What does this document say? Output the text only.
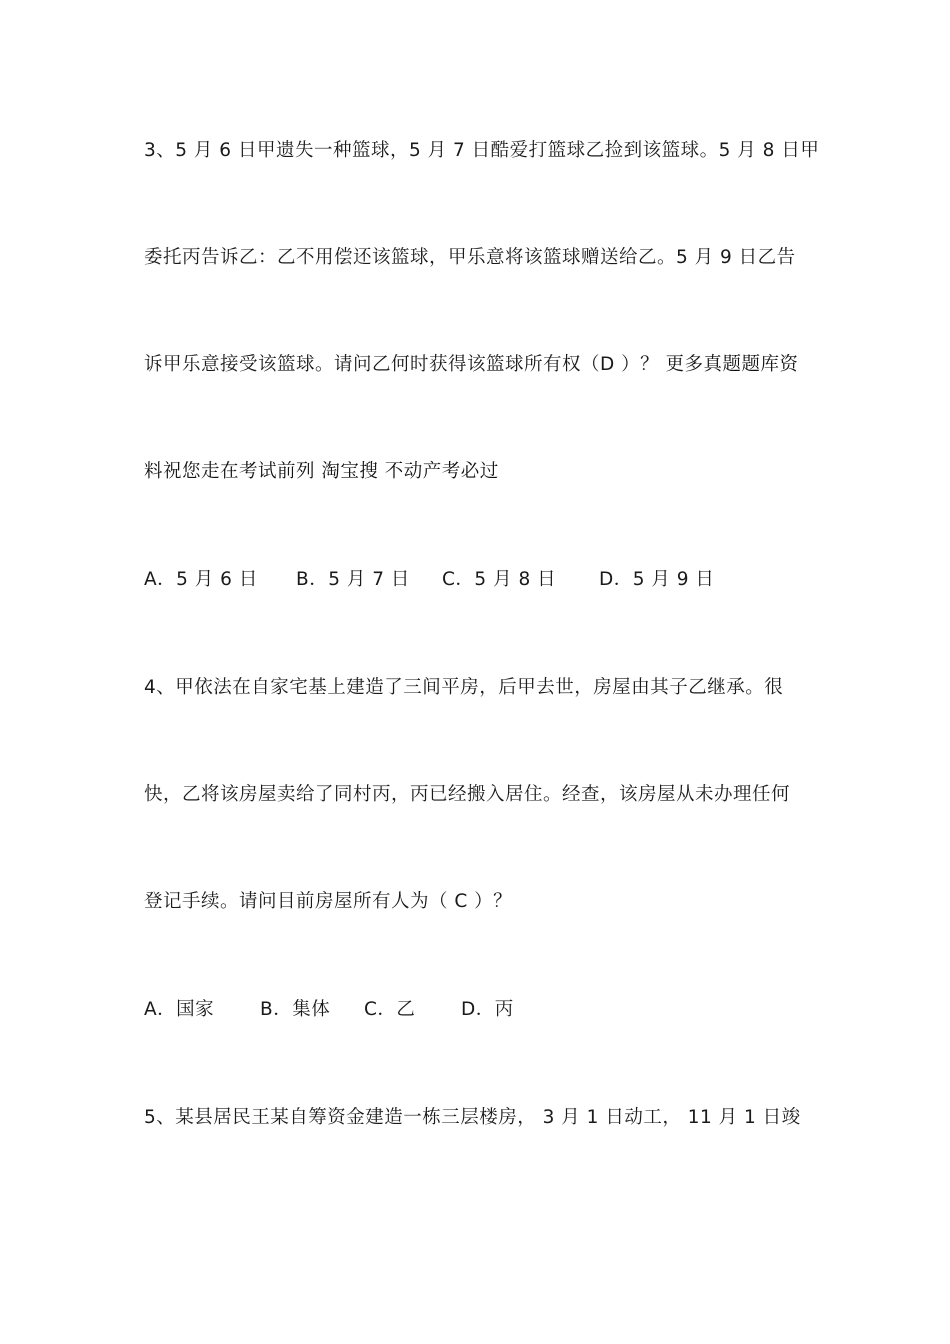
3、5 月 6 日甲遗失一种篮球，5 月 7 日酷爱打篮球乙捡到该篮球。5 月 8 日甲
委托丙告诉乙：乙不用偿还该篮球，甲乐意将该篮球赠送给乙。5 月 9 日乙告
诉甲乐意接受该篮球。请问乙何时获得该篮球所有权（D ）？ 更多真题题库资
料祝您走在考试前列 淘宝搜 不动产考必过
A．5 月 6 日 B．5 月 7 日 C．5 月 8 日 D．5 月 9 日
4、甲依法在自家宅基上建造了三间平房，后甲去世，房屋由其子乙继承。很
快，乙将该房屋卖给了同村丙，丙已经搬入居住。经查，该房屋从未办理任何
登记手续。请问目前房屋所有人为（ C ）？
A．国家 B．集体 C．乙 D．丙
5、某县居民王某自筹资金建造一栋三层楼房， 3 月 1 日动工， 11 月 1 日竣
